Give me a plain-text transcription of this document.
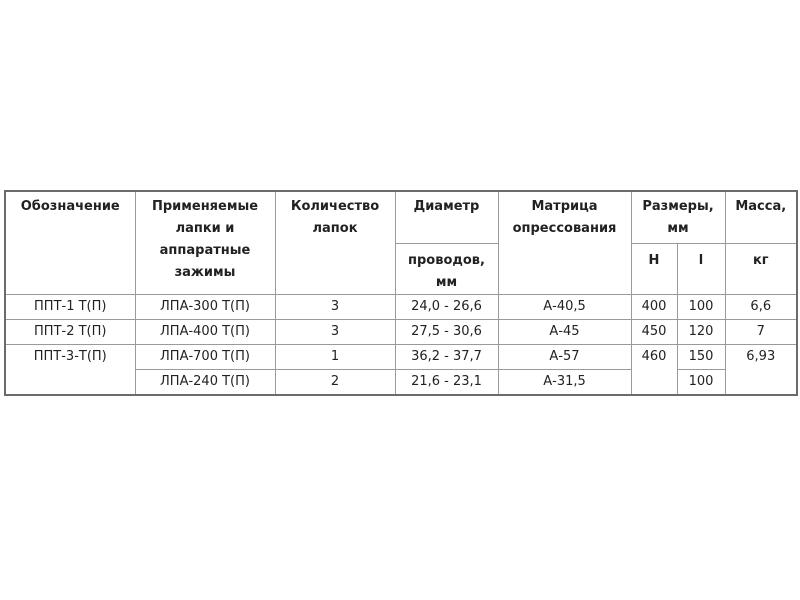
Обозначение	Применяемые лапки и аппаратные зажимы	Количество лапок	Диаметр	Матрица опрессования	Размеры, мм		Масса,
			проводов, мм		Н	l	кг
ППТ-1 Т(П)	ЛПА-300 Т(П)	3	24,0 - 26,6	А-40,5	400	100	6,6
ППТ-2 Т(П)	ЛПА-400 Т(П)	3	27,5 - 30,6	А-45	450	120	7
ППТ-3-Т(П)	ЛПА-700 Т(П)	1	36,2 - 37,7	А-57	460	150	6,93
	ЛПА-240 Т(П)	2	21,6 - 23,1	А-31,5		100	
